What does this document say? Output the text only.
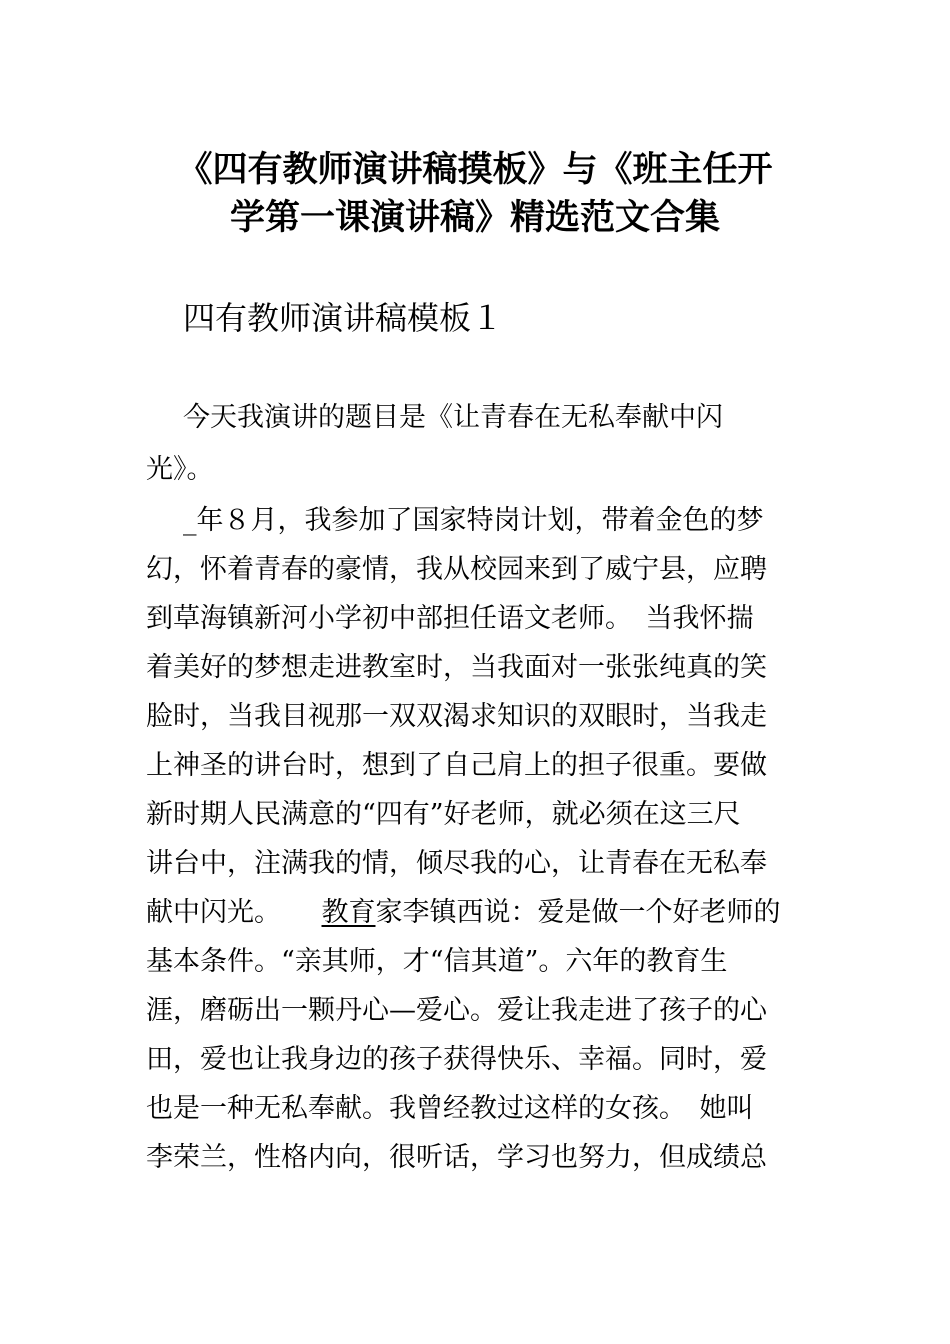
《四有教师演讲稿摸板》与《班主任开
学第一课演讲稿》精选范文合集
四有教师演讲稿模板１
今天我演讲的题目是《让青春在无私奉献中闪
光》。
_年８月，我参加了国家特岗计划，带着金色的梦
幻，怀着青春的豪情，我从校园来到了威宁县，应聘
到草海镇新河小学初中部担任语文老师。　当我怀揣
着美好的梦想走进教室时，当我面对一张张纯真的笑
脸时，当我目视那一双双渴求知识的双眼时，当我走
上神圣的讲台时，想到了自己肩上的担子很重。要做
新时期人民满意的“四有”好老师，就必须在这三尺
讲台中，注满我的情，倾尽我的心，让青春在无私奉
献中闪光。　　教育家李镇西说：爱是做一个好老师的
基本条件。“亲其师，才“信其道”。六年的教育生
涯，磨砺出一颗丹心—爱心。爱让我走进了孩子的心
田，爱也让我身边的孩子获得快乐、幸福。同时，爱
也是一种无私奉献。我曾经教过这样的女孩。　她叫
李荣兰，性格内向，很听话，学习也努力，但成绩总
